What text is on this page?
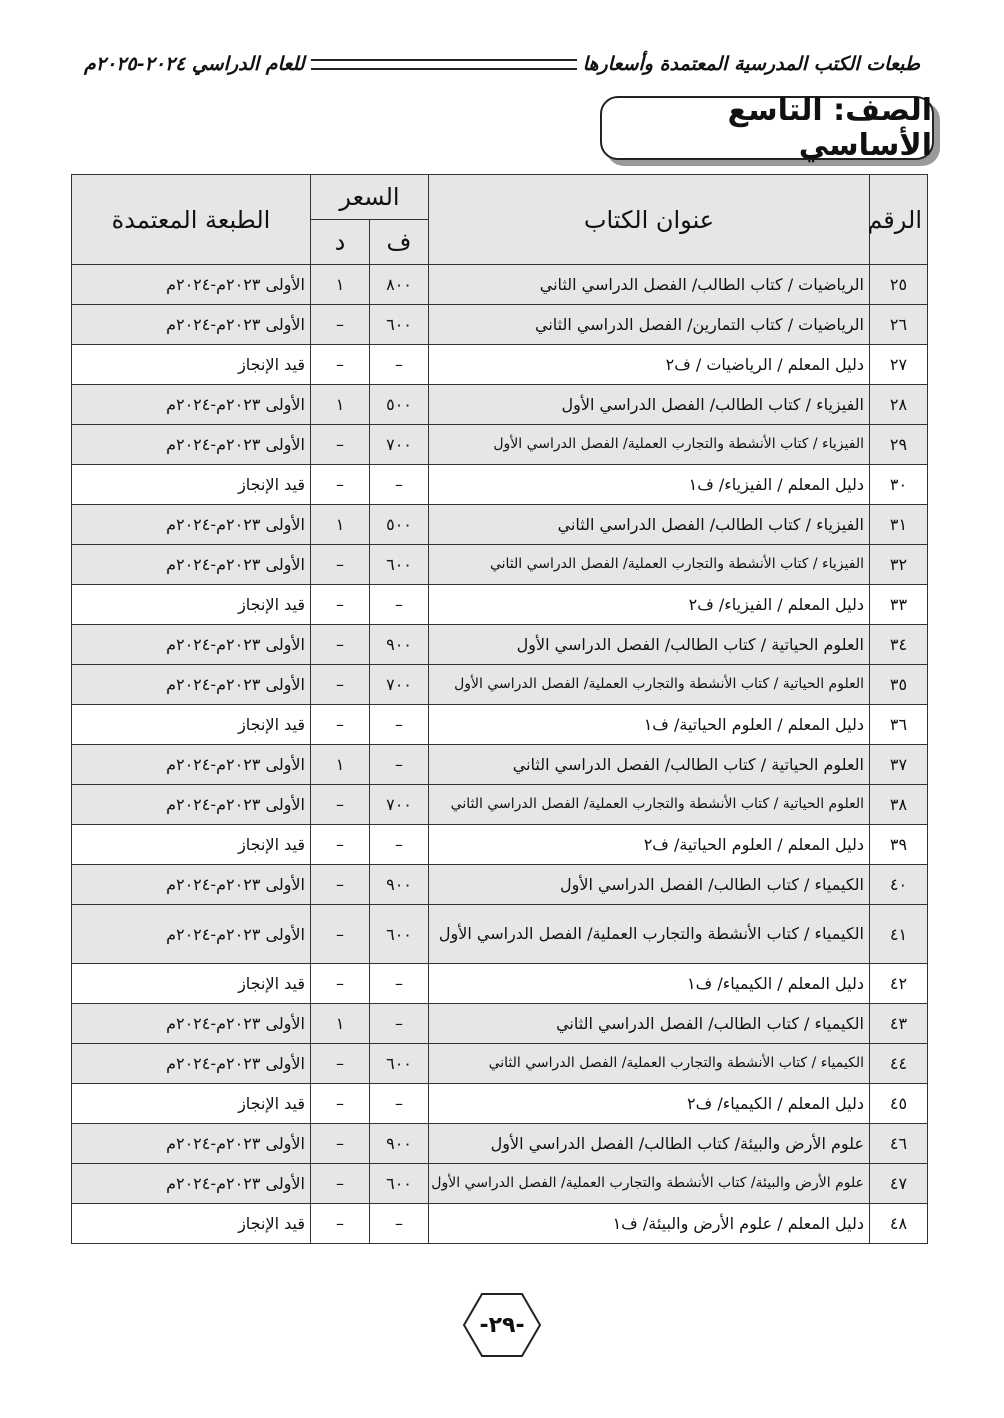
طبعات الكتب المدرسية المعتمدة وأسعارها
للعام الدراسي ٢٠٢٤-٢٠٢٥م
الصف: التاسع الأساسي
الرقم	عنوان الكتاب	السعر		الطبعة المعتمدة
		ف	د	
٢٥	الرياضيات / كتاب الطالب/ الفصل الدراسي الثاني	٨٠٠	١	الأولى ٢٠٢٣م-٢٠٢٤م
٢٦	الرياضيات / كتاب التمارين/ الفصل الدراسي الثاني	٦٠٠	–	الأولى ٢٠٢٣م-٢٠٢٤م
٢٧	دليل المعلم / الرياضيات / ف٢	–	–	قيد الإنجاز
٢٨	الفيزياء / كتاب الطالب/ الفصل الدراسي الأول	٥٠٠	١	الأولى ٢٠٢٣م-٢٠٢٤م
٢٩	الفيزياء / كتاب الأنشطة والتجارب العملية/ الفصل الدراسي الأول	٧٠٠	–	الأولى ٢٠٢٣م-٢٠٢٤م
٣٠	دليل المعلم / الفيزياء/ ف١	–	–	قيد الإنجاز
٣١	الفيزياء / كتاب الطالب/ الفصل الدراسي الثاني	٥٠٠	١	الأولى ٢٠٢٣م-٢٠٢٤م
٣٢	الفيزياء / كتاب الأنشطة والتجارب العملية/ الفصل الدراسي الثاني	٦٠٠	–	الأولى ٢٠٢٣م-٢٠٢٤م
٣٣	دليل المعلم / الفيزياء/ ف٢	–	–	قيد الإنجاز
٣٤	العلوم الحياتية / كتاب الطالب/ الفصل الدراسي الأول	٩٠٠	–	الأولى ٢٠٢٣م-٢٠٢٤م
٣٥	العلوم الحياتية / كتاب الأنشطة والتجارب العملية/ الفصل الدراسي الأول	٧٠٠	–	الأولى ٢٠٢٣م-٢٠٢٤م
٣٦	دليل المعلم / العلوم الحياتية/ ف١	–	–	قيد الإنجاز
٣٧	العلوم الحياتية / كتاب الطالب/ الفصل الدراسي الثاني	–	١	الأولى ٢٠٢٣م-٢٠٢٤م
٣٨	العلوم الحياتية / كتاب الأنشطة والتجارب العملية/ الفصل الدراسي الثاني	٧٠٠	–	الأولى ٢٠٢٣م-٢٠٢٤م
٣٩	دليل المعلم / العلوم الحياتية/ ف٢	–	–	قيد الإنجاز
٤٠	الكيمياء / كتاب الطالب/ الفصل الدراسي الأول	٩٠٠	–	الأولى ٢٠٢٣م-٢٠٢٤م
٤١	الكيمياء / كتاب الأنشطة والتجارب العملية/ الفصل الدراسي الأول	٦٠٠	–	الأولى ٢٠٢٣م-٢٠٢٤م
٤٢	دليل المعلم / الكيمياء/ ف١	–	–	قيد الإنجاز
٤٣	الكيمياء / كتاب الطالب/ الفصل الدراسي الثاني	–	١	الأولى ٢٠٢٣م-٢٠٢٤م
٤٤	الكيمياء / كتاب الأنشطة والتجارب العملية/ الفصل الدراسي الثاني	٦٠٠	–	الأولى ٢٠٢٣م-٢٠٢٤م
٤٥	دليل المعلم / الكيمياء/ ف٢	–	–	قيد الإنجاز
٤٦	علوم الأرض والبيئة/ كتاب الطالب/ الفصل الدراسي الأول	٩٠٠	–	الأولى ٢٠٢٣م-٢٠٢٤م
٤٧	علوم الأرض والبيئة/ كتاب الأنشطة والتجارب العملية/ الفصل الدراسي الأول	٦٠٠	–	الأولى ٢٠٢٣م-٢٠٢٤م
٤٨	دليل المعلم / علوم الأرض والبيئة/ ف١	–	–	قيد الإنجاز
-٢٩-
